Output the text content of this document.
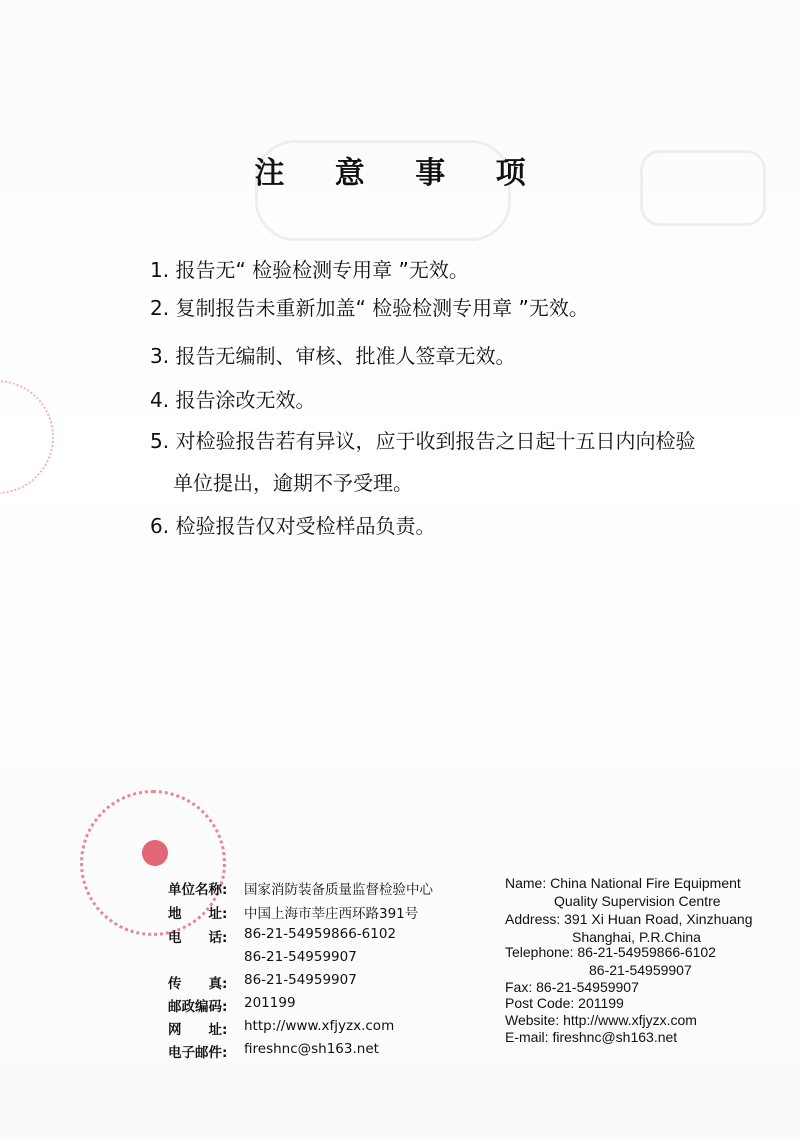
注 意 事 项
1. 报告无“ 检验检测专用章 ”无效。
2. 复制报告未重新加盖“ 检验检测专用章 ”无效。
3. 报告无编制、审核、批准人签章无效。
4. 报告涂改无效。
5. 对检验报告若有异议，应于收到报告之日起十五日内向检验
单位提出，逾期不予受理。
6. 检验报告仅对受检样品负责。
单位名称: 国家消防装备质量监督检验中心
地　　址: 中国上海市莘庄西环路391号
电　　话: 86-21-54959866-6102
86-21-54959907
传　　真: 86-21-54959907
邮政编码: 201199
网　　址: http://www.xfjyzx.com
电子邮件: fireshnc@sh163.net
Name: China National Fire Equipment
Quality Supervision Centre
Address: 391 Xi Huan Road, Xinzhuang
Shanghai, P.R.China
Telephone: 86-21-54959866-6102
86-21-54959907
Fax: 86-21-54959907
Post Code: 201199
Website: http://www.xfjyzx.com
E-mail: fireshnc@sh163.net
